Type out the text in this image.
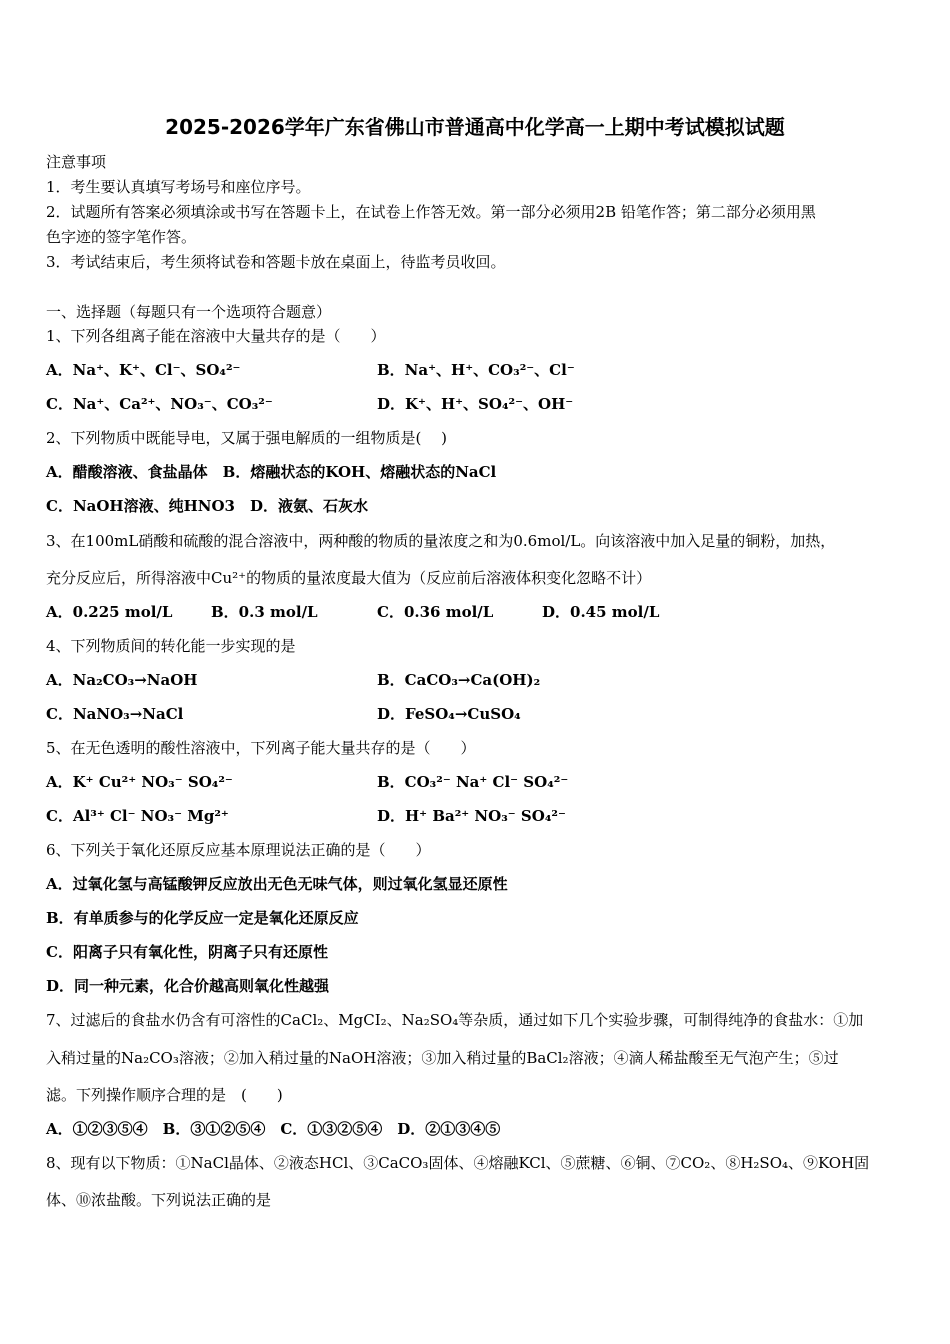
2025-2026学年广东省佛山市普通高中化学高一上期中考试模拟试题
注意事项
1．考生要认真填写考场号和座位序号。
2．试题所有答案必须填涂或书写在答题卡上，在试卷上作答无效。第一部分必须用2B 铅笔作答；第二部分必须用黑
色字迹的签字笔作答。
3．考试结束后，考生须将试卷和答题卡放在桌面上，待监考员收回。
一、选择题（每题只有一个选项符合题意）
1、下列各组离子能在溶液中大量共存的是（　　）
A．Na⁺、K⁺、Cl⁻、SO₄²⁻	B．Na⁺、H⁺、CO₃²⁻、Cl⁻
C．Na⁺、Ca²⁺、NO₃⁻、CO₃²⁻	D．K⁺、H⁺、SO₄²⁻、OH⁻
2、下列物质中既能导电，又属于强电解质的一组物质是(　 )
A．醋酸溶液、食盐晶体　B．熔融状态的KOH、熔融状态的NaCl
C．NaOH溶液、纯HNO3　D．液氨、石灰水
3、在100mL硝酸和硫酸的混合溶液中，两种酸的物质的量浓度之和为0.6mol/L。向该溶液中加入足量的铜粉，加热，
充分反应后，所得溶液中Cu²⁺的物质的量浓度最大值为（反应前后溶液体积变化忽略不计）
A．0.225 mol/L	B．0.3 mol/L	C．0.36 mol/L	D．0.45 mol/L
4、下列物质间的转化能一步实现的是
A．Na₂CO₃→NaOH	B．CaCO₃→Ca(OH)₂
C．NaNO₃→NaCl	D．FeSO₄→CuSO₄
5、在无色透明的酸性溶液中，下列离子能大量共存的是（　　）
A．K⁺ Cu²⁺ NO₃⁻ SO₄²⁻	B．CO₃²⁻ Na⁺ Cl⁻ SO₄²⁻
C．Al³⁺ Cl⁻ NO₃⁻ Mg²⁺	D．H⁺ Ba²⁺ NO₃⁻ SO₄²⁻
6、下列关于氧化还原反应基本原理说法正确的是（　　）
A．过氧化氢与高锰酸钾反应放出无色无味气体，则过氧化氢显还原性
B．有单质参与的化学反应一定是氧化还原反应
C．阳离子只有氧化性，阴离子只有还原性
D．同一种元素，化合价越高则氧化性越强
7、过滤后的食盐水仍含有可溶性的CaCl₂、MgCI₂、Na₂SO₄等杂质，通过如下几个实验步骤，可制得纯净的食盐水：①加
入稍过量的Na₂CO₃溶液；②加入稍过量的NaOH溶液；③加入稍过量的BaCl₂溶液；④滴人稀盐酸至无气泡产生；⑤过
滤。下列操作顺序合理的是　(　　)
A．①②③⑤④　B．③①②⑤④　C．①③②⑤④　D．②①③④⑤
8、现有以下物质：①NaCl晶体、②液态HCl、③CaCO₃固体、④熔融KCl、⑤蔗糖、⑥铜、⑦CO₂、⑧H₂SO₄、⑨KOH固
体、⑩浓盐酸。下列说法正确的是
